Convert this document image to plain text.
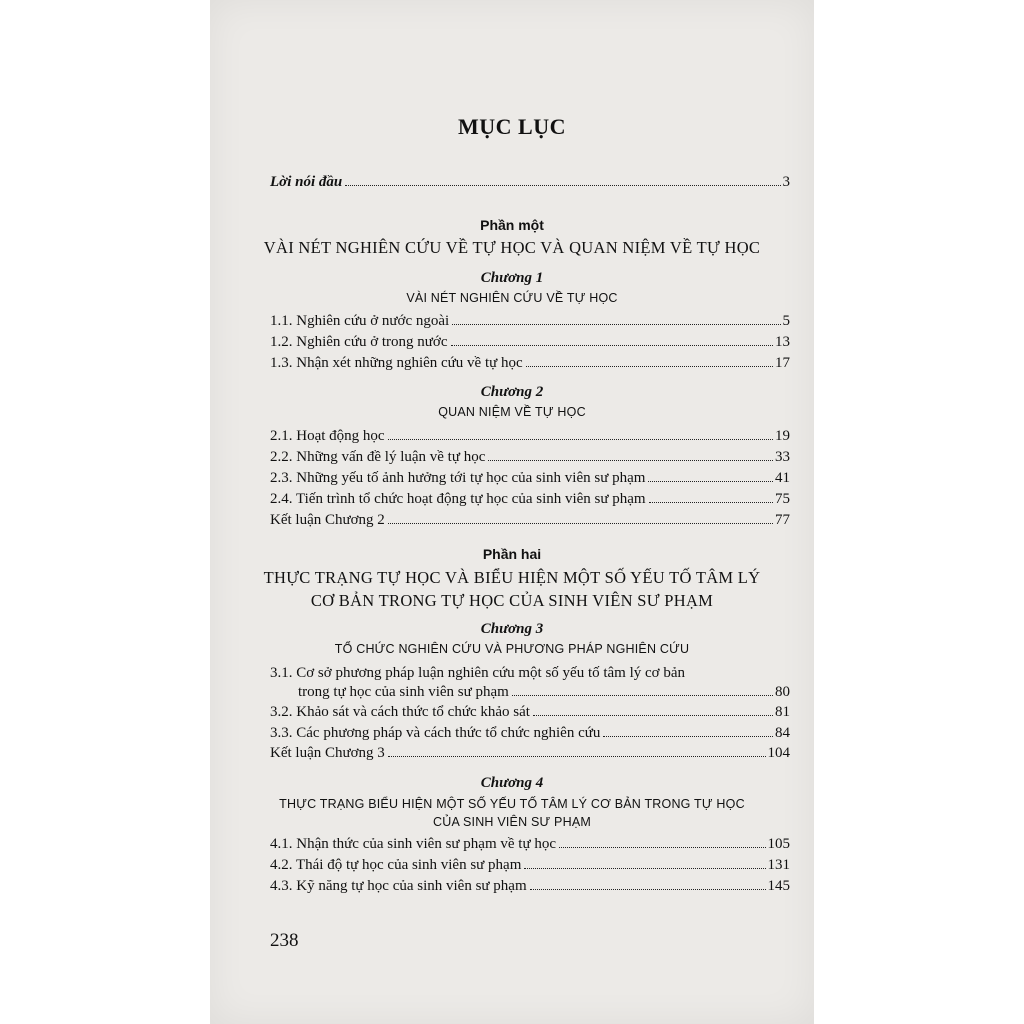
MỤC LỤC
Lời nói đầu	3
Phần một
VÀI NÉT NGHIÊN CỨU VỀ TỰ HỌC VÀ QUAN NIỆM VỀ TỰ HỌC
Chương 1
VÀI NÉT NGHIÊN CỨU VỀ TỰ HỌC
1.1. Nghiên cứu ở nước ngoài	5
1.2. Nghiên cứu ở trong nước	13
1.3. Nhận xét những nghiên cứu về tự học	17
Chương 2
QUAN NIỆM VỀ TỰ HỌC
2.1. Hoạt động học	19
2.2. Những vấn đề lý luận về tự học	33
2.3. Những yếu tố ảnh hưởng tới tự học của sinh viên sư phạm	41
2.4. Tiến trình tổ chức hoạt động tự học của sinh viên sư phạm	75
Kết luận Chương 2	77
Phần hai
THỰC TRẠNG TỰ HỌC VÀ BIỂU HIỆN MỘT SỐ YẾU TỐ TÂM LÝ
CƠ BẢN TRONG TỰ HỌC CỦA SINH VIÊN SƯ PHẠM
Chương 3
TỔ CHỨC NGHIÊN CỨU VÀ PHƯƠNG PHÁP NGHIÊN CỨU
3.1. Cơ sở phương pháp luận nghiên cứu một số yếu tố tâm lý cơ bản
trong tự học của sinh viên sư phạm	80
3.2. Khảo sát và cách thức tổ chức khảo sát	81
3.3. Các phương pháp và cách thức tổ chức nghiên cứu	84
Kết luận Chương 3	104
Chương 4
THỰC TRẠNG BIỂU HIỆN MỘT SỐ YẾU TỐ TÂM LÝ CƠ BẢN TRONG TỰ HỌC
CỦA SINH VIÊN SƯ PHẠM
4.1. Nhận thức của sinh viên sư phạm về tự học	105
4.2. Thái độ tự học của sinh viên sư phạm	131
4.3. Kỹ năng tự học của sinh viên sư phạm	145
238
